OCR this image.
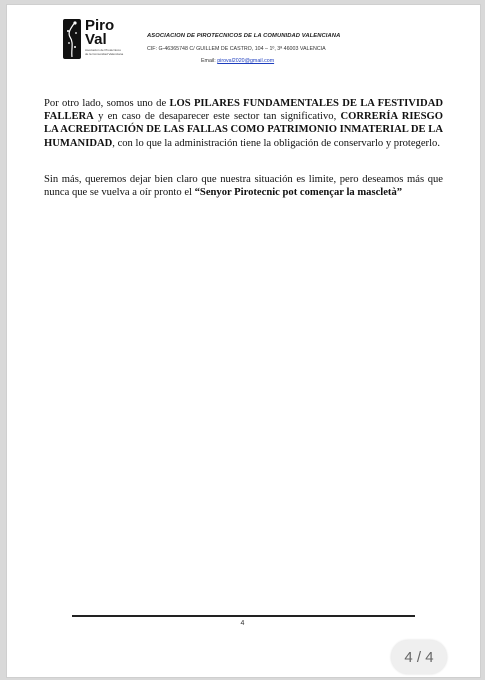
Piro
Val
Asociación de Pirotécnicos de la Comunidad Valenciana
ASOCIACION DE PIROTECNICOS DE LA COMUNIDAD VALENCIANA
CIF: G-46365748 C/ GUILLEM DE CASTRO, 104 – 1º, 3ª 46003 VALENCIA
Email: piroval2020@gmail.com
Por otro lado, somos uno de LOS PILARES FUNDAMENTALES DE LA FESTIVIDAD FALLERA y en caso de desaparecer este sector tan significativo, CORRERÍA RIESGO LA ACREDITACIÓN DE LAS FALLAS COMO PATRIMONIO INMATERIAL DE LA HUMANIDAD, con lo que la administración tiene la obligación de conservarlo y protegerlo.
Sin más, queremos dejar bien claro que nuestra situación es limite, pero deseamos más que nunca que se vuelva a oír pronto el “Senyor Pirotecnic pot començar la mascletà”
4
4 / 4
